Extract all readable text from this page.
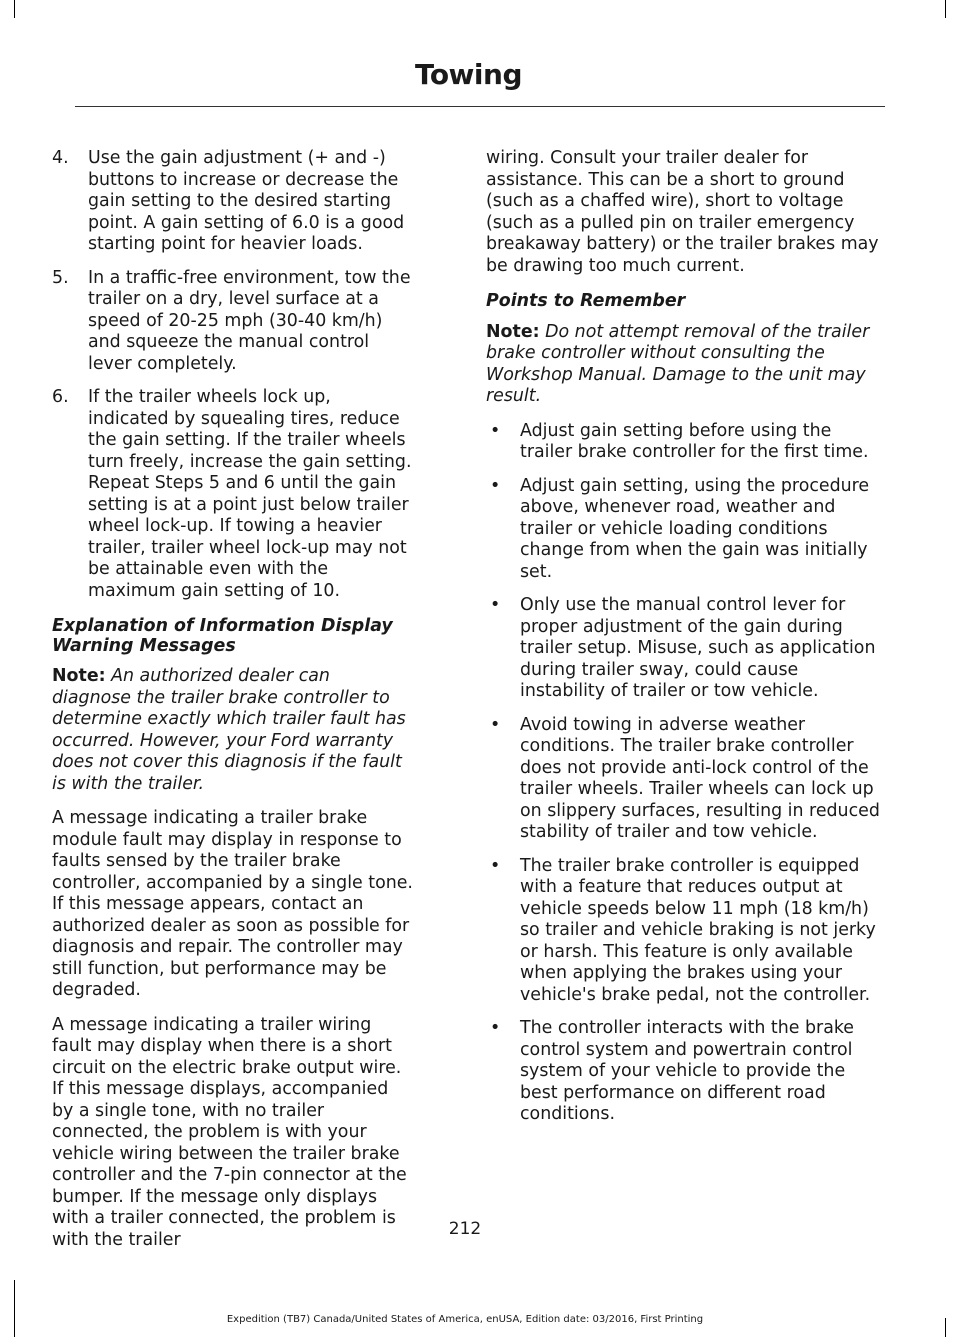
Towing
4. Use the gain adjustment (+ and -) buttons to increase or decrease the gain setting to the desired starting point. A gain setting of 6.0 is a good starting point for heavier loads.
5. In a traffic-free environment, tow the trailer on a dry, level surface at a speed of 20-25 mph (30-40 km/h) and squeeze the manual control lever completely.
6. If the trailer wheels lock up, indicated by squealing tires, reduce the gain setting. If the trailer wheels turn freely, increase the gain setting. Repeat Steps 5 and 6 until the gain setting is at a point just below trailer wheel lock-up. If towing a heavier trailer, trailer wheel lock-up may not be attainable even with the maximum gain setting of 10.
Explanation of Information Display Warning Messages

Note: An authorized dealer can diagnose the trailer brake controller to determine exactly which trailer fault has occurred. However, your Ford warranty does not cover this diagnosis if the fault is with the trailer.

A message indicating a trailer brake module fault may display in response to faults sensed by the trailer brake controller, accompanied by a single tone. If this message appears, contact an authorized dealer as soon as possible for diagnosis and repair. The controller may still function, but performance may be degraded.

A message indicating a trailer wiring fault may display when there is a short circuit on the electric brake output wire. If this message displays, accompanied by a single tone, with no trailer connected, the problem is with your vehicle wiring between the trailer brake controller and the 7-pin connector at the bumper. If the message only displays with a trailer connected, the problem is with the trailer

wiring. Consult your trailer dealer for assistance. This can be a short to ground (such as a chaffed wire), short to voltage (such as a pulled pin on trailer emergency breakaway battery) or the trailer brakes may be drawing too much current.

Points to Remember

Note: Do not attempt removal of the trailer brake controller without consulting the Workshop Manual. Damage to the unit may result.

• Adjust gain setting before using the trailer brake controller for the first time.
• Adjust gain setting, using the procedure above, whenever road, weather and trailer or vehicle loading conditions change from when the gain was initially set.
• Only use the manual control lever for proper adjustment of the gain during trailer setup. Misuse, such as application during trailer sway, could cause instability of trailer or tow vehicle.
• Avoid towing in adverse weather conditions. The trailer brake controller does not provide anti-lock control of the trailer wheels. Trailer wheels can lock up on slippery surfaces, resulting in reduced stability of trailer and tow vehicle.
• The trailer brake controller is equipped with a feature that reduces output at vehicle speeds below 11 mph (18 km/h) so trailer and vehicle braking is not jerky or harsh. This feature is only available when applying the brakes using your vehicle's brake pedal, not the controller.
• The controller interacts with the brake control system and powertrain control system of your vehicle to provide the best performance on different road conditions.
212
Expedition (TB7) Canada/United States of America, enUSA, Edition date: 03/2016, First Printing
